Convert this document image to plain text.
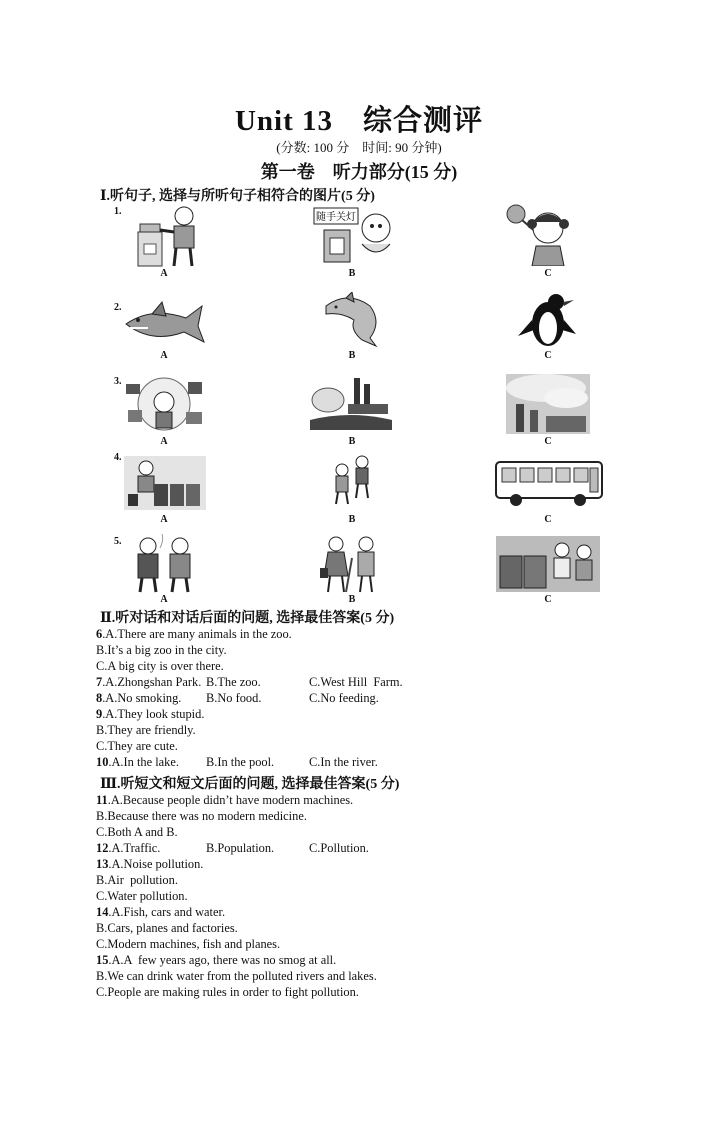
Unit 13　综合测评
(分数: 100 分　时间: 90 分钟)
第一卷　听力部分(15 分)
Ⅰ.听句子, 选择与所听句子相符合的图片(5 分)
1.
A
随手关灯
B	C
2.
A	B	C
3.
A	B	C
4.
A	B	C
5.
A	B	C
Ⅱ.听对话和对话后面的问题, 选择最佳答案(5 分)
6.A.There are many animals in the zoo.
B.It’s a big zoo in the city.
C.A big city is over there.
7.A.Zhongshan Park. B.The zoo.	C.West Hill  Farm.
8.A.No smoking. B.No food.	C.No feeding.
9.A.They look stupid.
B.They are friendly.
C.They are cute.
10.A.In the lake. B.In the pool.	C.In the river.
Ⅲ.听短文和短文后面的问题, 选择最佳答案(5 分)
11.A.Because people didn’t have modern machines.
B.Because there was no modern medicine.
C.Both A and B.
12.A.Traffic.	B.Population.	C.Pollution.
13.A.Noise pollution.
B.Air  pollution.
C.Water pollution.
14.A.Fish, cars and water.
B.Cars, planes and factories.
C.Modern machines, fish and planes.
15.A.A  few years ago, there was no smog at all.
B.We can drink water from the polluted rivers and lakes.
C.People are making rules in order to fight pollution.
